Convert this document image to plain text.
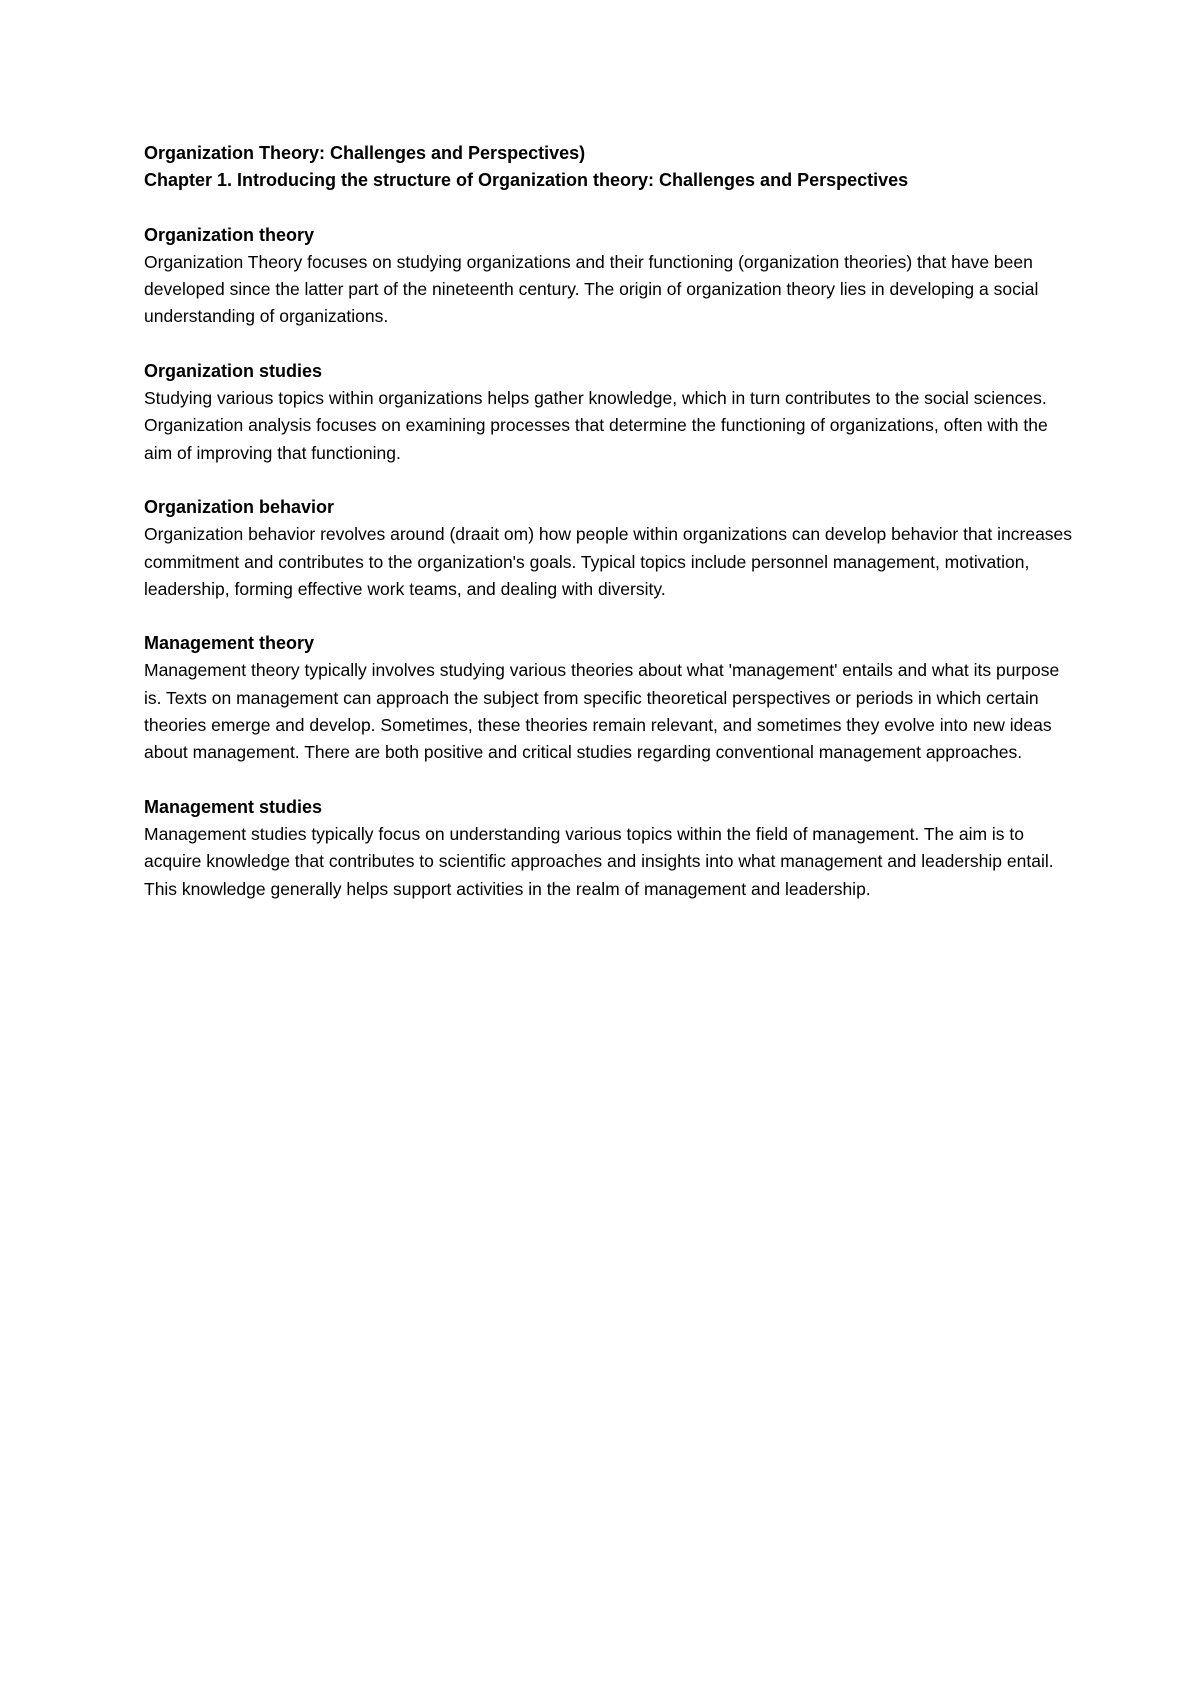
Organization Theory: Challenges and Perspectives)

Chapter 1. Introducing the structure of Organization theory: Challenges and Perspectives

Organization theory

Organization Theory focuses on studying organizations and their functioning (organization theories) that have been developed since the latter part of the nineteenth century. The origin of organization theory lies in developing a social understanding of organizations.

Organization studies

Studying various topics within organizations helps gather knowledge, which in turn contributes to the social sciences. Organization analysis focuses on examining processes that determine the functioning of organizations, often with the aim of improving that functioning.

Organization behavior

Organization behavior revolves around (draait om) how people within organizations can develop behavior that increases commitment and contributes to the organization's goals. Typical topics include personnel management, motivation, leadership, forming effective work teams, and dealing with diversity.

Management theory

Management theory typically involves studying various theories about what 'management' entails and what its purpose is. Texts on management can approach the subject from specific theoretical perspectives or periods in which certain theories emerge and develop. Sometimes, these theories remain relevant, and sometimes they evolve into new ideas about management. There are both positive and critical studies regarding conventional management approaches.

Management studies

Management studies typically focus on understanding various topics within the field of management. The aim is to acquire knowledge that contributes to scientific approaches and insights into what management and leadership entail. This knowledge generally helps support activities in the realm of management and leadership.
